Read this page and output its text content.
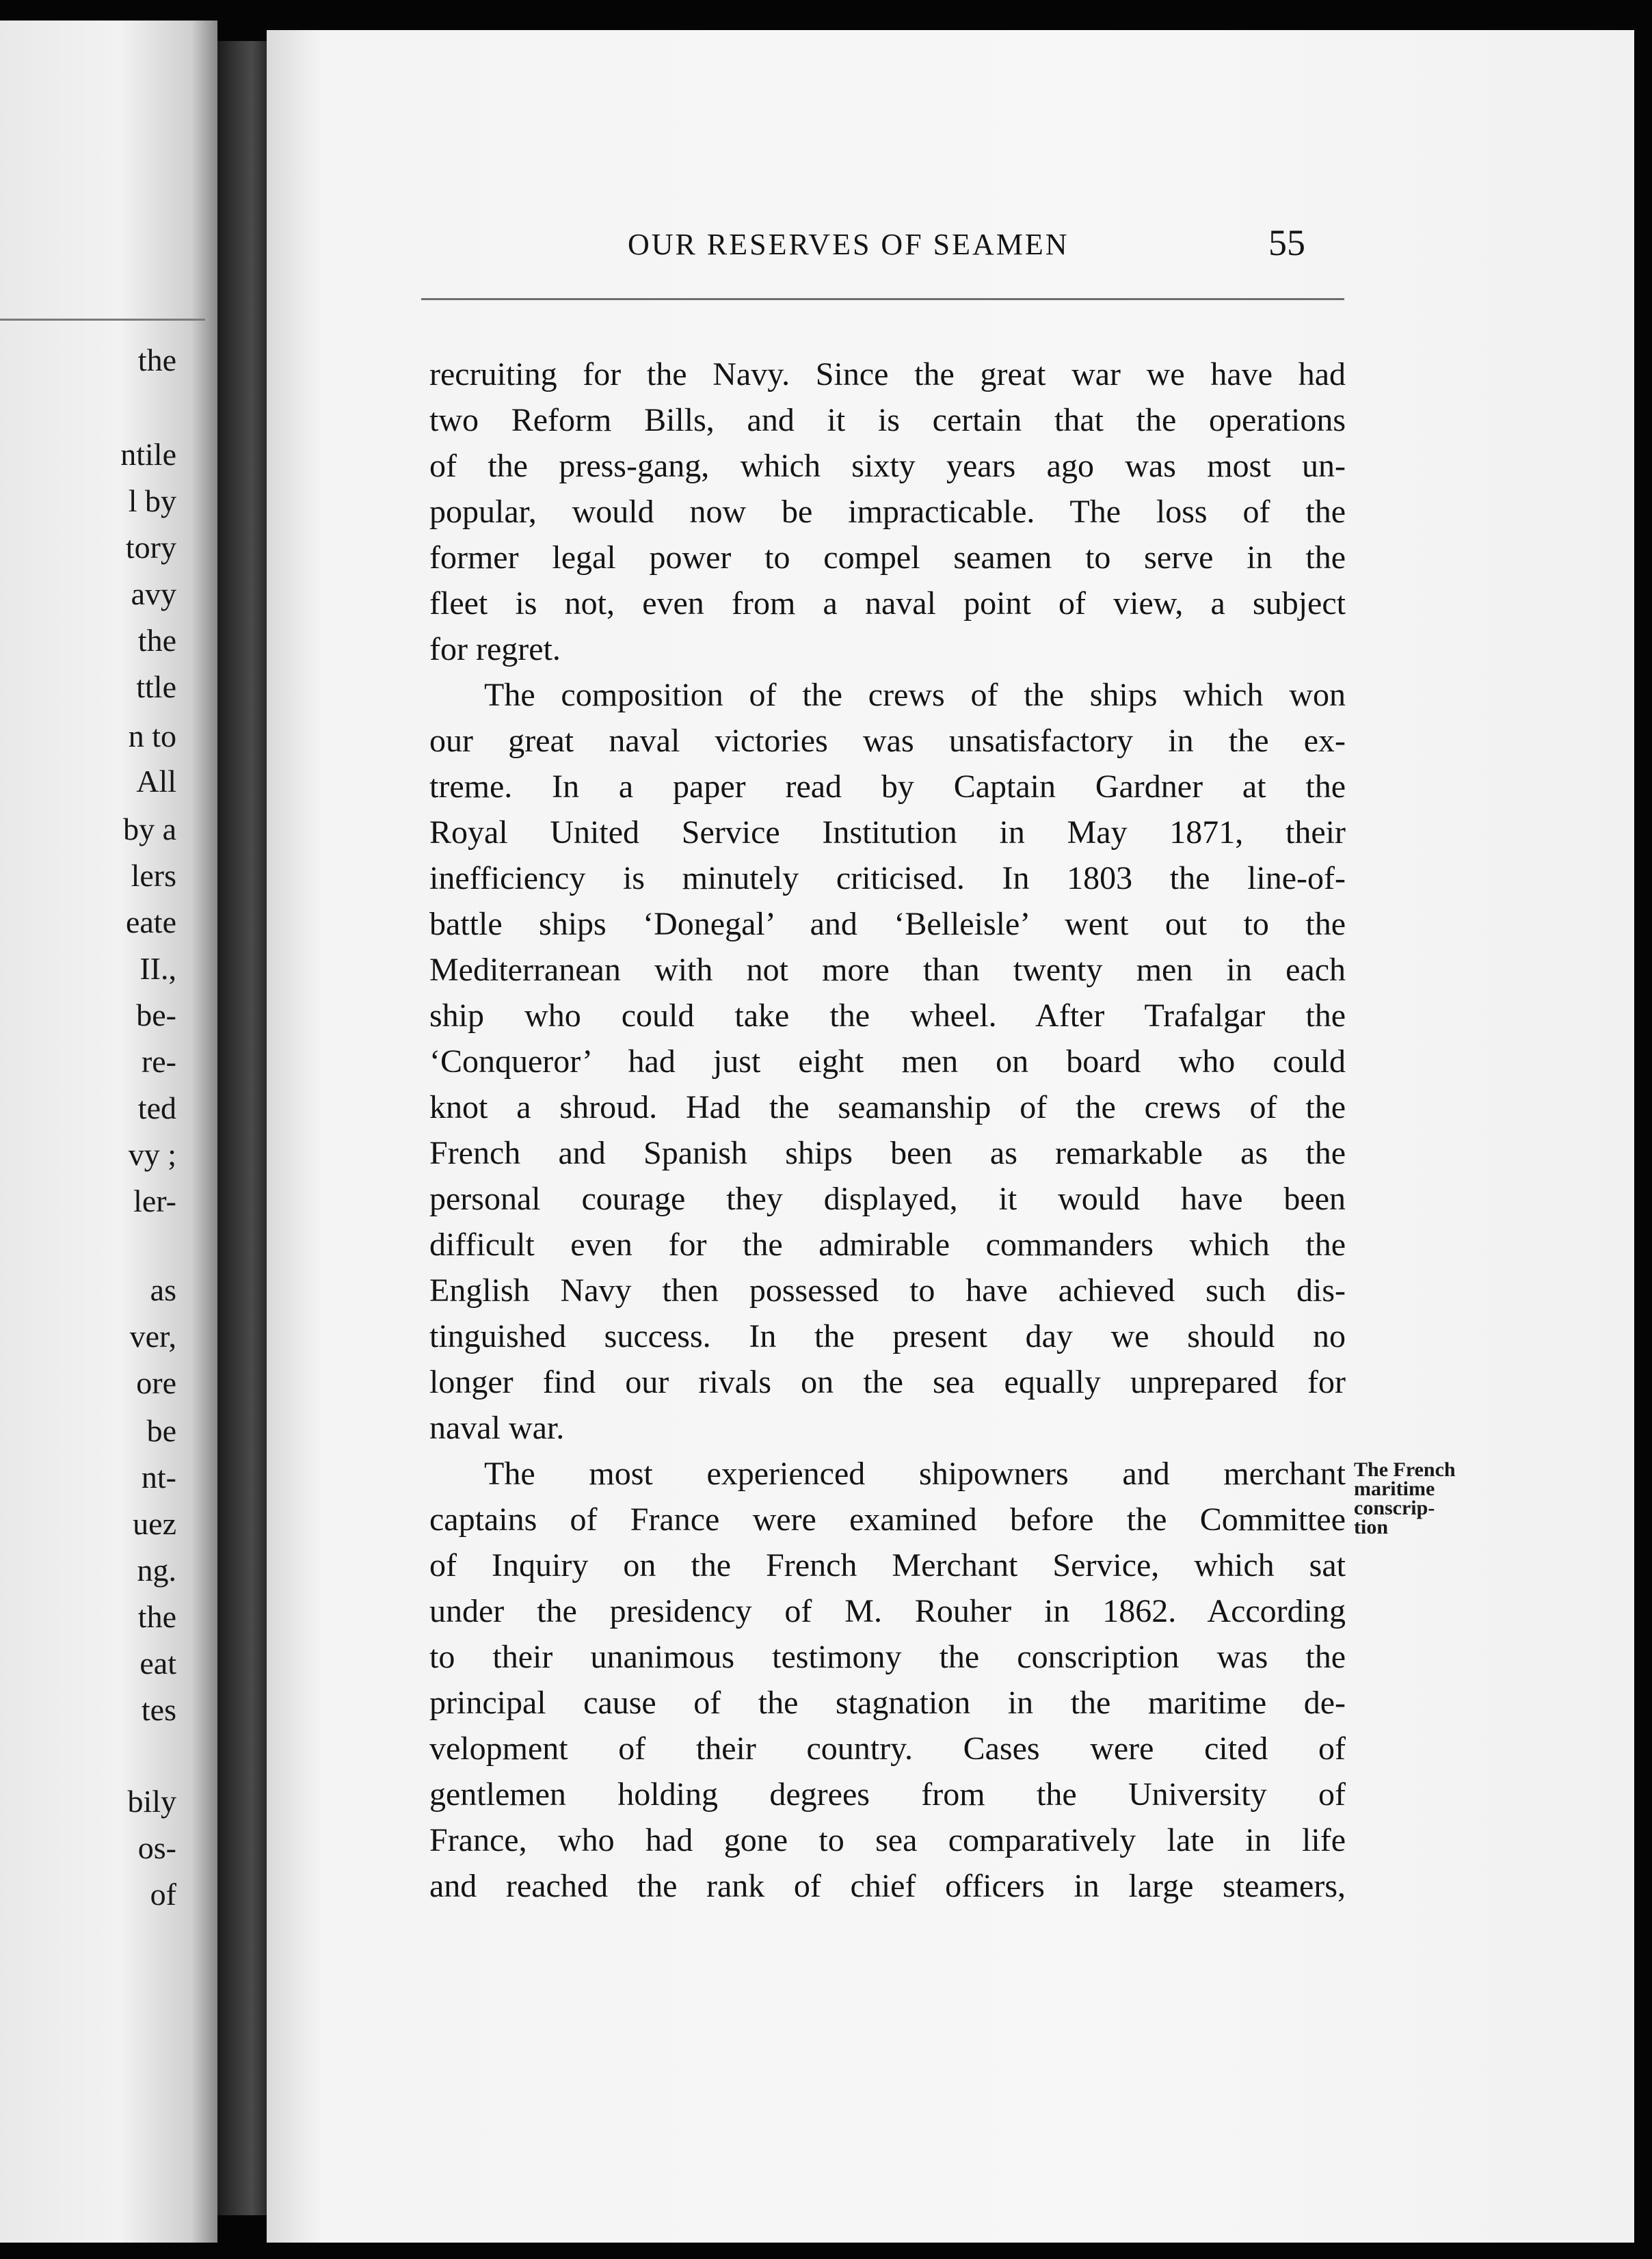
the
ntile
l by
tory
avy
the
ttle
n to
All
by a
lers
eate
II.,
be-
re-
ted
vy ;
ler-
as
ver,
ore
be
nt-
uez
ng.
the
eat
tes
bily
os-
of
OUR RESERVES OF SEAMEN	55
recruiting for the Navy. Since the great war we have had
two Reform Bills, and it is certain that the operations
of the press-gang, which sixty years ago was most un-
popular, would now be impracticable. The loss of the
former legal power to compel seamen to serve in the
fleet is not, even from a naval point of view, a subject
for regret.
The composition of the crews of the ships which won
our great naval victories was unsatisfactory in the ex-
treme. In a paper read by Captain Gardner at the
Royal United Service Institution in May 1871, their
inefficiency is minutely criticised. In 1803 the line-of-
battle ships ‘Donegal’ and ‘Belleisle’ went out to the
Mediterranean with not more than twenty men in each
ship who could take the wheel. After Trafalgar the
‘Conqueror’ had just eight men on board who could
knot a shroud. Had the seamanship of the crews of the
French and Spanish ships been as remarkable as the
personal courage they displayed, it would have been
difficult even for the admirable commanders which the
English Navy then possessed to have achieved such dis-
tinguished success. In the present day we should no
longer find our rivals on the sea equally unprepared for
naval war.
The most experienced shipowners and merchant
captains of France were examined before the Committee
of Inquiry on the French Merchant Service, which sat
under the presidency of M. Rouher in 1862. According
to their unanimous testimony the conscription was the
principal cause of the stagnation in the maritime de-
velopment of their country. Cases were cited of
gentlemen holding degrees from the University of
France, who had gone to sea comparatively late in life
and reached the rank of chief officers in large steamers,
The French
maritime
conscrip-
tion
